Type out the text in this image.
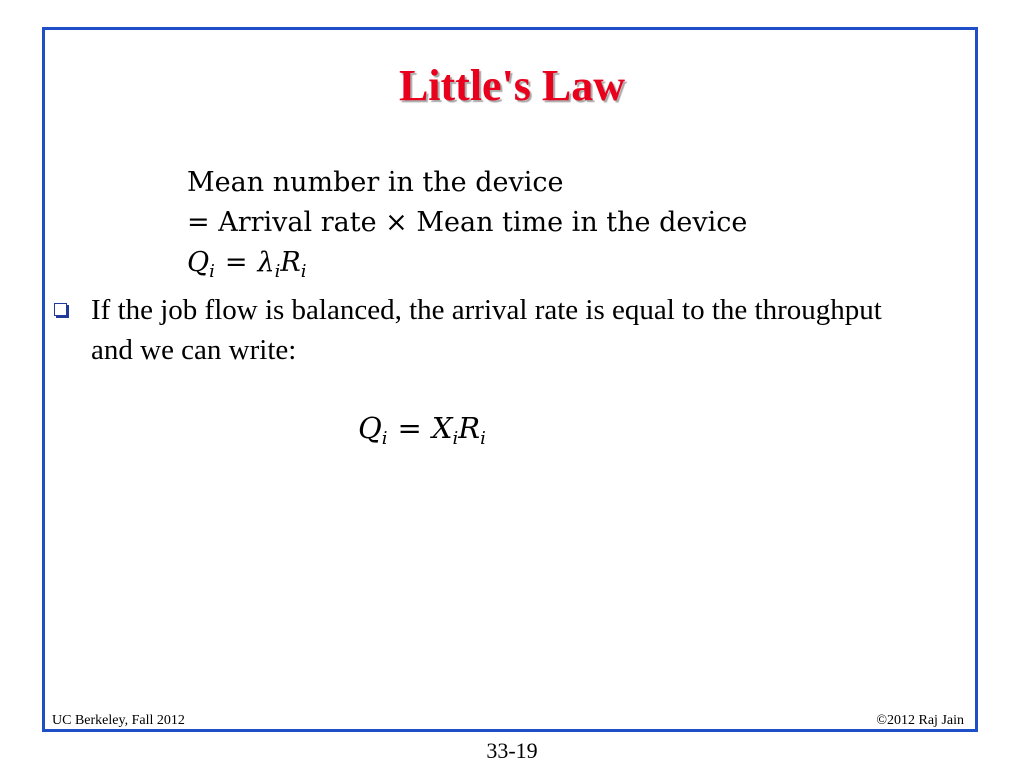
Little's Law
Mean number in the device
= Arrival rate × Mean time in the device
$Q_i = \lambda_iR_i$

If the job flow is balanced, the arrival rate is equal to the throughput and we can write:

$Q_i = X_iR_i$
UC Berkeley, Fall 2012	©2012 Raj Jain
33-19
